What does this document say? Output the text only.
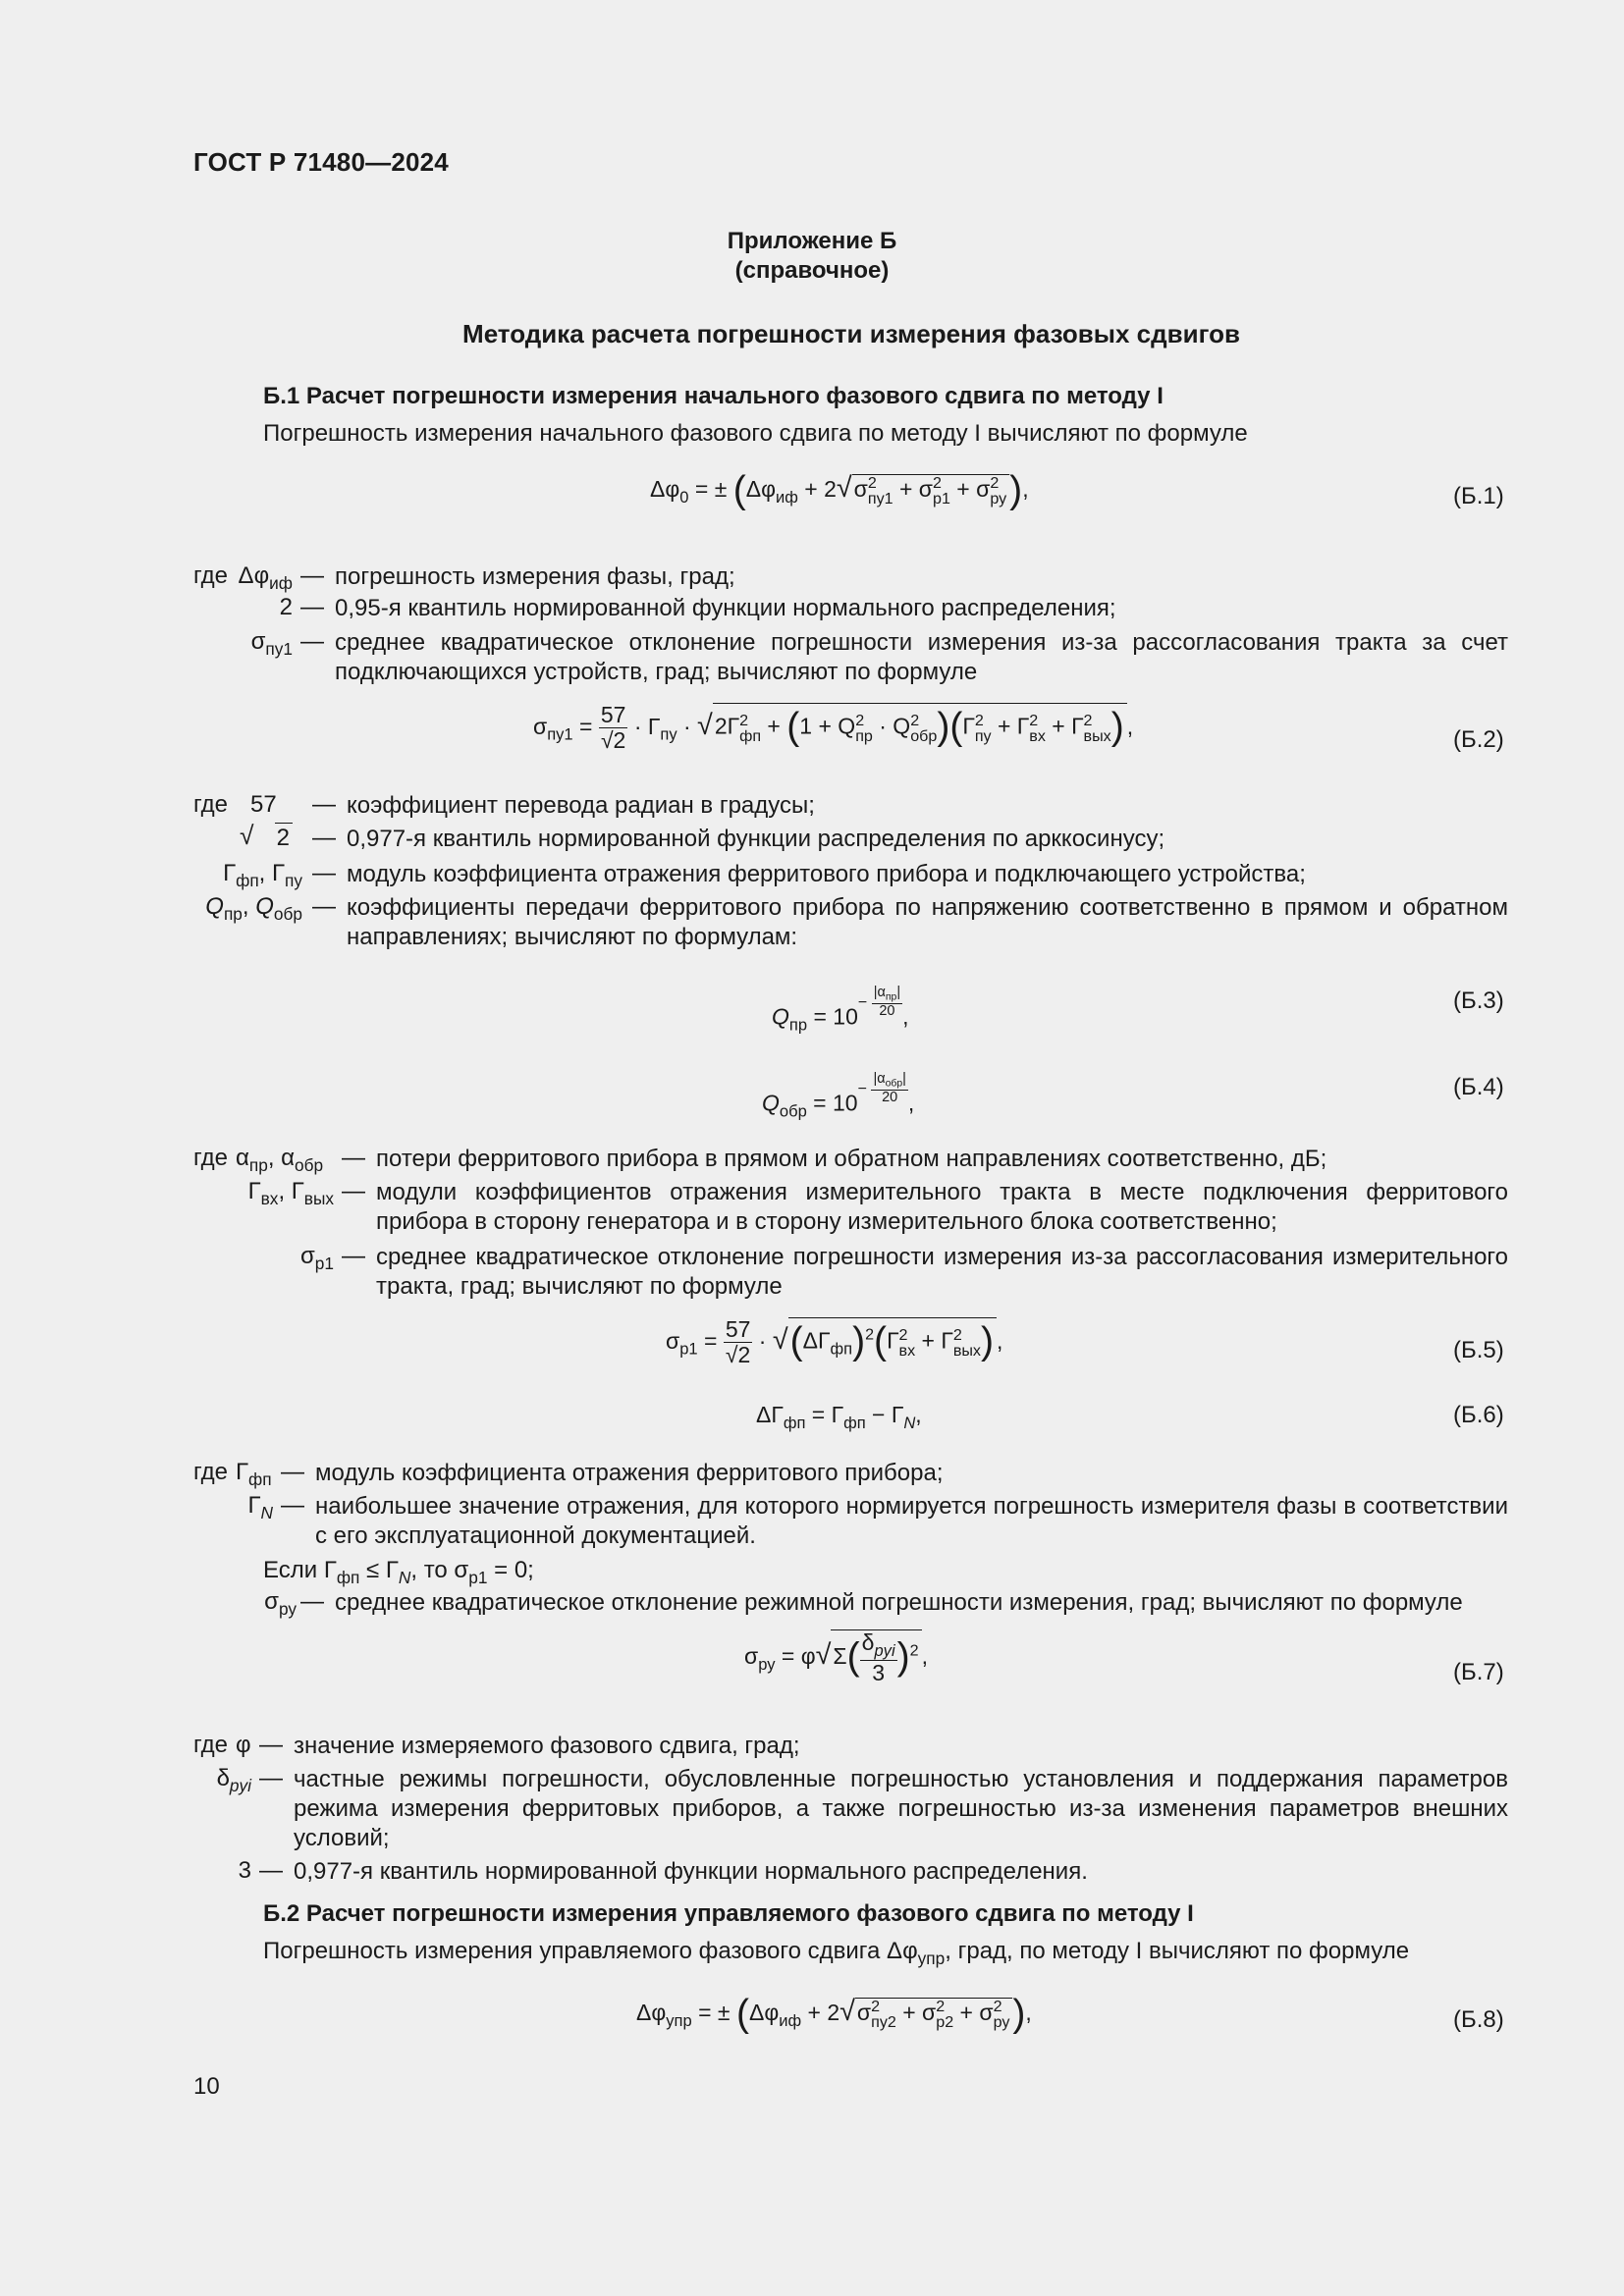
ГОСТ Р 71480—2024
Приложение Б
(справочное)
Методика расчета погрешности измерения фазовых сдвигов
Б.1 Расчет погрешности измерения начального фазового сдвига по методу I
Погрешность измерения начального фазового сдвига по методу I вычисляют по формуле
$\Delta\varphi_0$ = ± ($\Delta\varphi_{иф} + 2√\sigma$ 2
пу1 + σ 2
р1 + σ 2
ру ),	(Б.1)
где $\Delta\varphi_{иф}$ — погрешность измерения фазы, град;
2 — 0,95-я квантиль нормированной функции нормального распределения;
$\sigma_{пу1}$ — среднее квадратическое отклонение погрешности измерения из-за рассогласования тракта за счет подключающихся устройств, град; вычисляют по формуле
$\sigma_{пу1} = \frac{57}{√2} \cdot Г_{пу} \cdot √2Г$ 2
фп + (1 + Q 2
пр · Q 2
обр )(Г 2
пу + Г 2
вх + Г 2
вых ) ,
(Б.2)
где 57 — коэффициент перевода радиан в градусы;
2
√ — 0,977-я квантиль нормированной функции распределения по арккосинусу;
$Г_{фп}$, $Г_{пу}$ — модуль коэффициента отражения ферритового прибора и подключающего устройства;
$Q_{пр}$, $Q_{обр}$ — коэффициенты передачи ферритового прибора по напряжению соответственно в прямом и обратном направлениях; вычисляют по формулам:
$Q_{пр} = 10- \frac{|\alpha_{пр}|}{20}$ ,
(Б.3)
$Q_{обр} = 10- \frac{|\alpha_{обр}|}{20}$ ,
(Б.4)
где $\alpha_{пр}$, $\alpha_{обр}$ — потери ферритового прибора в прямом и обратном направлениях соответственно, дБ;
$Г_{вх}$, $Г_{вых}$ — модули коэффициентов отражения измерительного тракта в месте подключения ферритового прибора в сторону генератора и в сторону измерительного блока соответственно;
$\sigma_{р1}$ — среднее квадратическое отклонение погрешности измерения из-за рассогласования измерительного тракта, град; вычисляют по формуле
$\sigma_{р1} = \frac{57}{√2} \cdot √(\Delta Г_{фп})^2(Г$ 2
вх + Г 2
вых ) ,	(Б.5)
$\Delta Г_{фп} = Г_{фп} - Г_N$,	(Б.6)
где $Г_{фп}$ — модуль коэффициента отражения ферритового прибора;
$Г_N$ — наибольшее значение отражения, для которого нормируется погрешность измерителя фазы в соответствии с его эксплуатационной документацией.
Если $Г_{фп} \le Г_N$, то $\sigma_{р1} = 0$;
$\sigma_{ру}$ — среднее квадратическое отклонение режимной погрешности измерения, град; вычисляют по формуле
$\sigma_{ру} = \varphi√\Sigma( \frac{\delta_{pyi}}{3} )^2$ ,
(Б.7)
где φ — значение измеряемого фазового сдвига, град;
$\delta_{pyi}$ — частные режимы погрешности, обусловленные погрешностью установления и поддержания параметров режима измерения ферритовых приборов, а также погрешностью из-за изменения параметров внешних условий;
3 — 0,977-я квантиль нормированной функции нормального распределения.
Б.2 Расчет погрешности измерения управляемого фазового сдвига по методу I
Погрешность измерения управляемого фазового сдвига $\Delta\varphi_{упр}$, град, по методу I вычисляют по формуле
$\Delta\varphi_{упр}$ = ± ($\Delta\varphi_{иф} + 2√\sigma$ 2
пу2 + σ 2
р2 + σ 2
ру ),	(Б.8)
10
